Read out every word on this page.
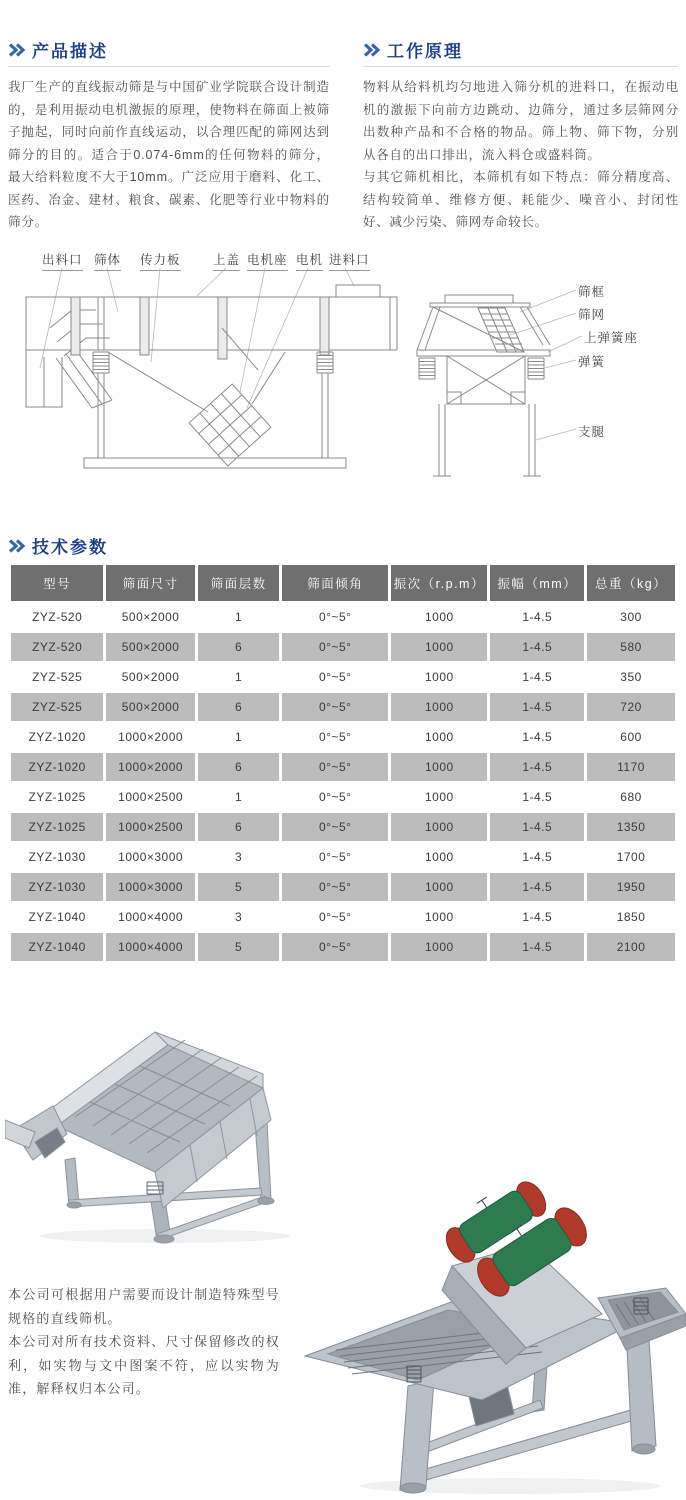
产品描述	工作原理

我厂生产的直线振动筛是与中国矿业学院联合设计制造的，是利用振动电机激振的原理，使物料在筛面上被筛子抛起，同时向前作直线运动，以合理匹配的筛网达到筛分的目的。适合于0.074-6mm的任何物料的筛分，最大给料粒度不大于10mm。广泛应用于磨料、化工、医药、冶金、建材、粮食、碳素、化肥等行业中物料的筛分。

物料从给料机均匀地进入筛分机的进料口，在振动电机的激振下向前方边跳动、边筛分，通过多层筛网分出数种产品和不合格的物品。筛上物、筛下物，分别从各自的出口排出，流入料仓或盛料筒。

与其它筛机相比，本筛机有如下特点：筛分精度高、结构较简单、维修方便、耗能少、噪音小、封闭性好、减少污染、筛网寿命较长。

出料口 筛体 传力板	上盖 电机座 电机 进料口
筛框
筛网
上弹簧座
弹簧
支腿
技术参数
型号	筛面尺寸	筛面层数	筛面倾角	振次（r.p.m）	振幅（mm）	总重（kg）
ZYZ-520	500×2000	1	0°~5°	1000	1-4.5	300
ZYZ-520	500×2000	6	0°~5°	1000	1-4.5	580
ZYZ-525	500×2000	1	0°~5°	1000	1-4.5	350
ZYZ-525	500×2000	6	0°~5°	1000	1-4.5	720
ZYZ-1020	1000×2000	1	0°~5°	1000	1-4.5	600
ZYZ-1020	1000×2000	6	0°~5°	1000	1-4.5	1170
ZYZ-1025	1000×2500	1	0°~5°	1000	1-4.5	680
ZYZ-1025	1000×2500	6	0°~5°	1000	1-4.5	1350
ZYZ-1030	1000×3000	3	0°~5°	1000	1-4.5	1700
ZYZ-1030	1000×3000	5	0°~5°	1000	1-4.5	1950
ZYZ-1040	1000×4000	3	0°~5°	1000	1-4.5	1850
ZYZ-1040	1000×4000	5	0°~5°	1000	1-4.5	2100

本公司可根据用户需要而设计制造特殊型号规格的直线筛机。

本公司对所有技术资料、尺寸保留修改的权利，如实物与文中图案不符，应以实物为准，解释权归本公司。
